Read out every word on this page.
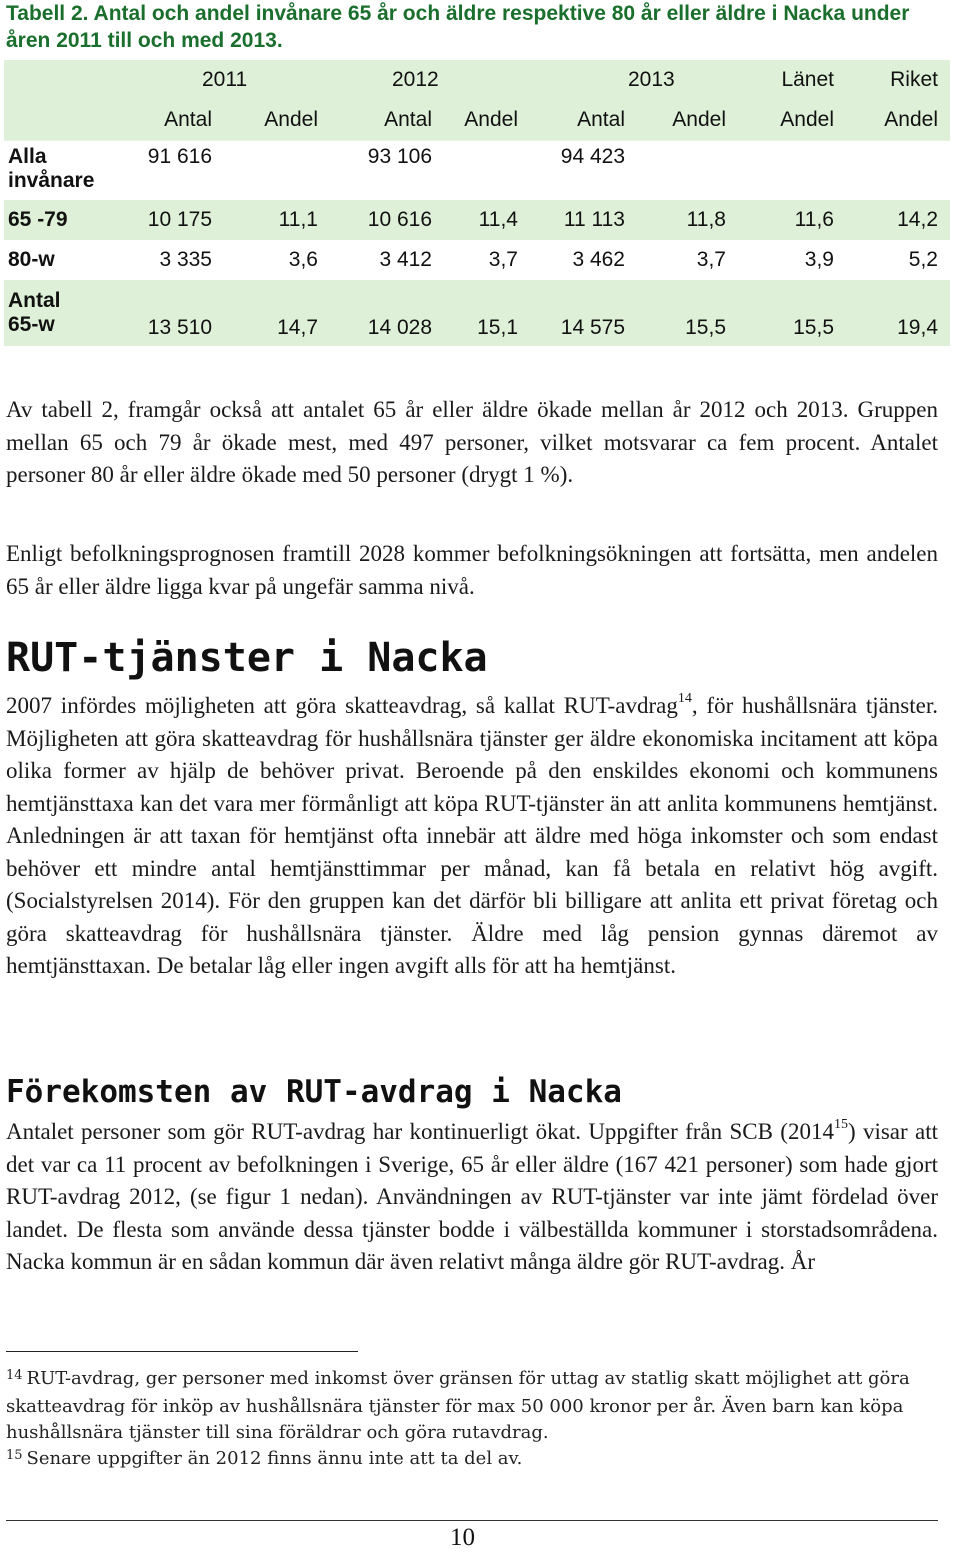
Tabell 2. Antal och andel invånare 65 år och äldre respektive 80 år eller äldre i Nacka under åren 2011 till och med 2013.
	2011		2012		2013		Länet	Riket
	Antal	Andel	Antal	Andel	Antal	Andel	Andel	Andel
Alla
invånare	91 616		93 106		94 423			
65 -79	10 175	11,1	10 616	11,4	11 113	11,8	11,6	14,2
80-w	3 335	3,6	3 412	3,7	3 462	3,7	3,9	5,2
Antal
65-w	13 510	14,7	14 028	15,1	14 575	15,5	15,5	19,4
Av tabell 2, framgår också att antalet 65 år eller äldre ökade mellan år 2012 och 2013. Gruppen mellan 65 och 79 år ökade mest, med 497 personer, vilket motsvarar ca fem procent. Antalet personer 80 år eller äldre ökade med 50 personer (drygt 1 %).
Enligt befolkningsprognosen framtill 2028 kommer befolkningsökningen att fortsätta, men andelen 65 år eller äldre ligga kvar på ungefär samma nivå.
RUT-tjänster i Nacka
2007 infördes möjligheten att göra skatteavdrag, så kallat RUT-avdrag$^{14}$, för hushållsnära tjänster. Möjligheten att göra skatteavdrag för hushållsnära tjänster ger äldre ekonomiska incitament att köpa olika former av hjälp de behöver privat. Beroende på den enskildes ekonomi och kommunens hemtjänsttaxa kan det vara mer förmånligt att köpa RUT-tjänster än att anlita kommunens hemtjänst. Anledningen är att taxan för hemtjänst ofta innebär att äldre med höga inkomster och som endast behöver ett mindre antal hemtjänsttimmar per månad, kan få betala en relativt hög avgift. (Socialstyrelsen 2014). För den gruppen kan det därför bli billigare att anlita ett privat företag och göra skatteavdrag för hushållsnära tjänster. Äldre med låg pension gynnas däremot av hemtjänsttaxan. De betalar låg eller ingen avgift alls för att ha hemtjänst.
Förekomsten av RUT-avdrag i Nacka
Antalet personer som gör RUT-avdrag har kontinuerligt ökat. Uppgifter från SCB (2014$^{15}$) visar att det var ca 11 procent av befolkningen i Sverige, 65 år eller äldre (167 421 personer) som hade gjort RUT-avdrag 2012, (se figur 1 nedan). Användningen av RUT-tjänster var inte jämt fördelad över landet. De flesta som använde dessa tjänster bodde i välbeställda kommuner i storstadsområdena. Nacka kommun är en sådan kommun där även relativt många äldre gör RUT-avdrag. År
$^{14}$ RUT-avdrag, ger personer med inkomst över gränsen för uttag av statlig skatt möjlighet att göra skatteavdrag för inköp av hushållsnära tjänster för max 50 000 kronor per år. Även barn kan köpa hushållsnära tjänster till sina föräldrar och göra rutavdrag.
$^{15}$ Senare uppgifter än 2012 finns ännu inte att ta del av.
10
